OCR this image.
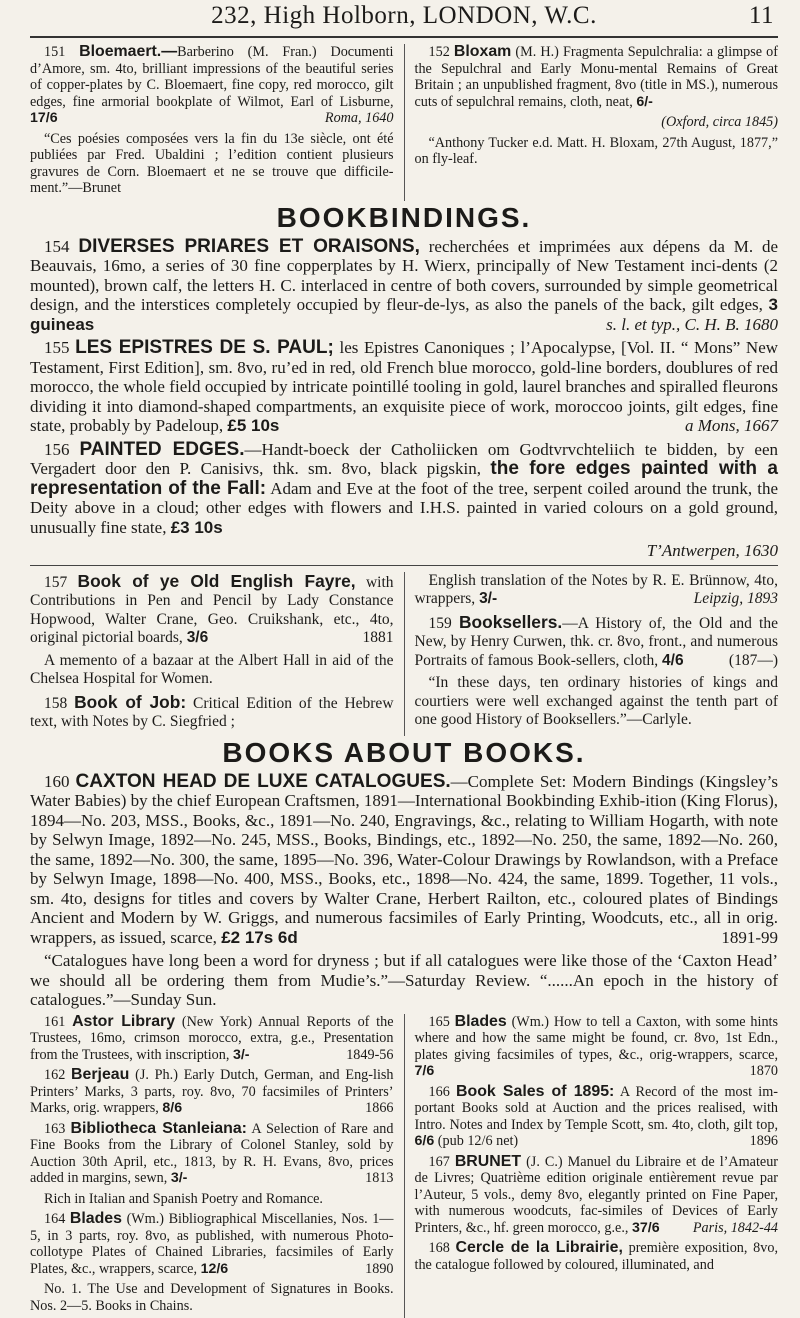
232, High Holborn, LONDON, W.C.	11

151 Bloemaert.—Barberino (M. Fran.) Documenti d’Amore, sm. 4to, brilliant impressions of the beautiful series of copper-plates by C. Bloemaert, fine copy, red morocco, gilt edges, fine armorial bookplate of Wilmot, Earl of Lisburne, 17/6	Roma, 1640

“Ces poésies composées vers la fin du 13e siècle, ont été publiées par Fred. Ubaldini ; l’edition contient plusieurs gravures de Corn. Bloemaert et ne se trouve que difficile-ment.”—Brunet

152 Bloxam (M. H.) Fragmenta Sepulchralia: a glimpse of the Sepulchral and Early Monu-mental Remains of Great Britain ; an unpublished fragment, 8vo (title in MS.), numerous cuts of sepulchral remains, cloth, neat, 6/-

(Oxford, circa 1845)

“Anthony Tucker e.d. Matt. H. Bloxam, 27th August, 1877,” on fly-leaf.

BOOKBINDINGS.

154 DIVERSES PRIARES ET ORAISONS, recherchées et imprimées aux dépens da M. de Beauvais, 16mo, a series of 30 fine copperplates by H. Wierx, principally of New Testament inci-dents (2 mounted), brown calf, the letters H. C. interlaced in centre of both covers, surrounded by simple geometrical design, and the interstices completely occupied by fleur-de-lys, as also the panels of the back, gilt edges, 3 guineas	s. l. et typ., C. H. B. 1680

155 LES EPISTRES DE S. PAUL; les Epistres Canoniques ; l’Apocalypse, [Vol. II. “ Mons” New Testament, First Edition], sm. 8vo, ru’ed in red, old French blue morocco, gold-line borders, doublures of red morocco, the whole field occupied by intricate pointillé tooling in gold, laurel branches and spiralled fleurons dividing it into diamond-shaped compartments, an exquisite piece of work, moroccoo joints, gilt edges, fine state, probably by Padeloup, £5 10s	a Mons, 1667

156 PAINTED EDGES.—Handt-boeck der Catholiicken om Godtvrvchteliich te bidden, by een Vergadert door den P. Canisivs, thk. sm. 8vo, black pigskin, the fore edges painted with a representation of the Fall: Adam and Eve at the foot of the tree, serpent coiled around the trunk, the Deity above in a cloud; other edges with flowers and I.H.S. painted in varied colours on a gold ground, unusually fine state, £3 10s

T’Antwerpen, 1630

157 Book of ye Old English Fayre, with Contributions in Pen and Pencil by Lady Constance Hopwood, Walter Crane, Geo. Cruikshank, etc., 4to, original pictorial boards, 3/6	1881

A memento of a bazaar at the Albert Hall in aid of the Chelsea Hospital for Women.

158 Book of Job: Critical Edition of the Hebrew text, with Notes by C. Siegfried ;

English translation of the Notes by R. E. Brünnow, 4to, wrappers, 3/-	Leipzig, 1893

159 Booksellers.—A History of, the Old and the New, by Henry Curwen, thk. cr. 8vo, front., and numerous Portraits of famous Book-sellers, cloth, 4/6	(187—)

“In these days, ten ordinary histories of kings and courtiers were well exchanged against the tenth part of one good History of Booksellers.”—Carlyle.

BOOKS ABOUT BOOKS.

160 CAXTON HEAD DE LUXE CATALOGUES.—Complete Set: Modern Bindings (Kingsley’s Water Babies) by the chief European Craftsmen, 1891—International Bookbinding Exhib-ition (King Florus), 1894—No. 203, MSS., Books, &c., 1891—No. 240, Engravings, &c., relating to William Hogarth, with note by Selwyn Image, 1892—No. 245, MSS., Books, Bindings, etc., 1892—No. 250, the same, 1892—No. 260, the same, 1892—No. 300, the same, 1895—No. 396, Water-Colour Drawings by Rowlandson, with a Preface by Selwyn Image, 1898—No. 400, MSS., Books, etc., 1898—No. 424, the same, 1899. Together, 11 vols., sm. 4to, designs for titles and covers by Walter Crane, Herbert Railton, etc., coloured plates of Bindings Ancient and Modern by W. Griggs, and numerous facsimiles of Early Printing, Woodcuts, etc., all in orig. wrappers, as issued, scarce, £2 17s 6d	1891-99

“Catalogues have long been a word for dryness ; but if all catalogues were like those of the ‘Caxton Head’ we should all be ordering them from Mudie’s.”—Saturday Review. “......An epoch in the history of catalogues.”—Sunday Sun.

161 Astor Library (New York) Annual Reports of the Trustees, 16mo, crimson morocco, extra, g.e., Presentation from the Trustees, with inscription, 3/-	1849-56

162 Berjeau (J. Ph.) Early Dutch, German, and Eng-lish Printers’ Marks, 3 parts, roy. 8vo, 70 facsimiles of Printers’ Marks, orig. wrappers, 8/6	1866

163 Bibliotheca Stanleiana: A Selection of Rare and Fine Books from the Library of Colonel Stanley, sold by Auction 30th April, etc., 1813, by R. H. Evans, 8vo, prices added in margins, sewn, 3/-	1813

Rich in Italian and Spanish Poetry and Romance.

164 Blades (Wm.) Bibliographical Miscellanies, Nos. 1—5, in 3 parts, roy. 8vo, as published, with numerous Photo-collotype Plates of Chained Libraries, facsimiles of Early Plates, &c., wrappers, scarce, 12/6	1890

No. 1. The Use and Development of Signatures in Books. Nos. 2—5. Books in Chains.

165 Blades (Wm.) How to tell a Caxton, with some hints where and how the same might be found, cr. 8vo, 1st Edn., plates giving facsimiles of types, &c., orig-wrappers, scarce, 7/6	1870

166 Book Sales of 1895: A Record of the most im-portant Books sold at Auction and the prices realised, with Intro. Notes and Index by Temple Scott, sm. 4to, cloth, gilt top, 6/6 (pub 12/6 net)	1896

167 BRUNET (J. C.) Manuel du Libraire et de l’Amateur de Livres; Quatrième edition originale entièrement revue par l’Auteur, 5 vols., demy 8vo, elegantly printed on Fine Paper, with numerous woodcuts, fac-similes of Devices of Early Printers, &c., hf. green morocco, g.e., 37/6	Paris, 1842-44

168 Cercle de la Librairie, première exposition, 8vo, the catalogue followed by coloured, illuminated, and
